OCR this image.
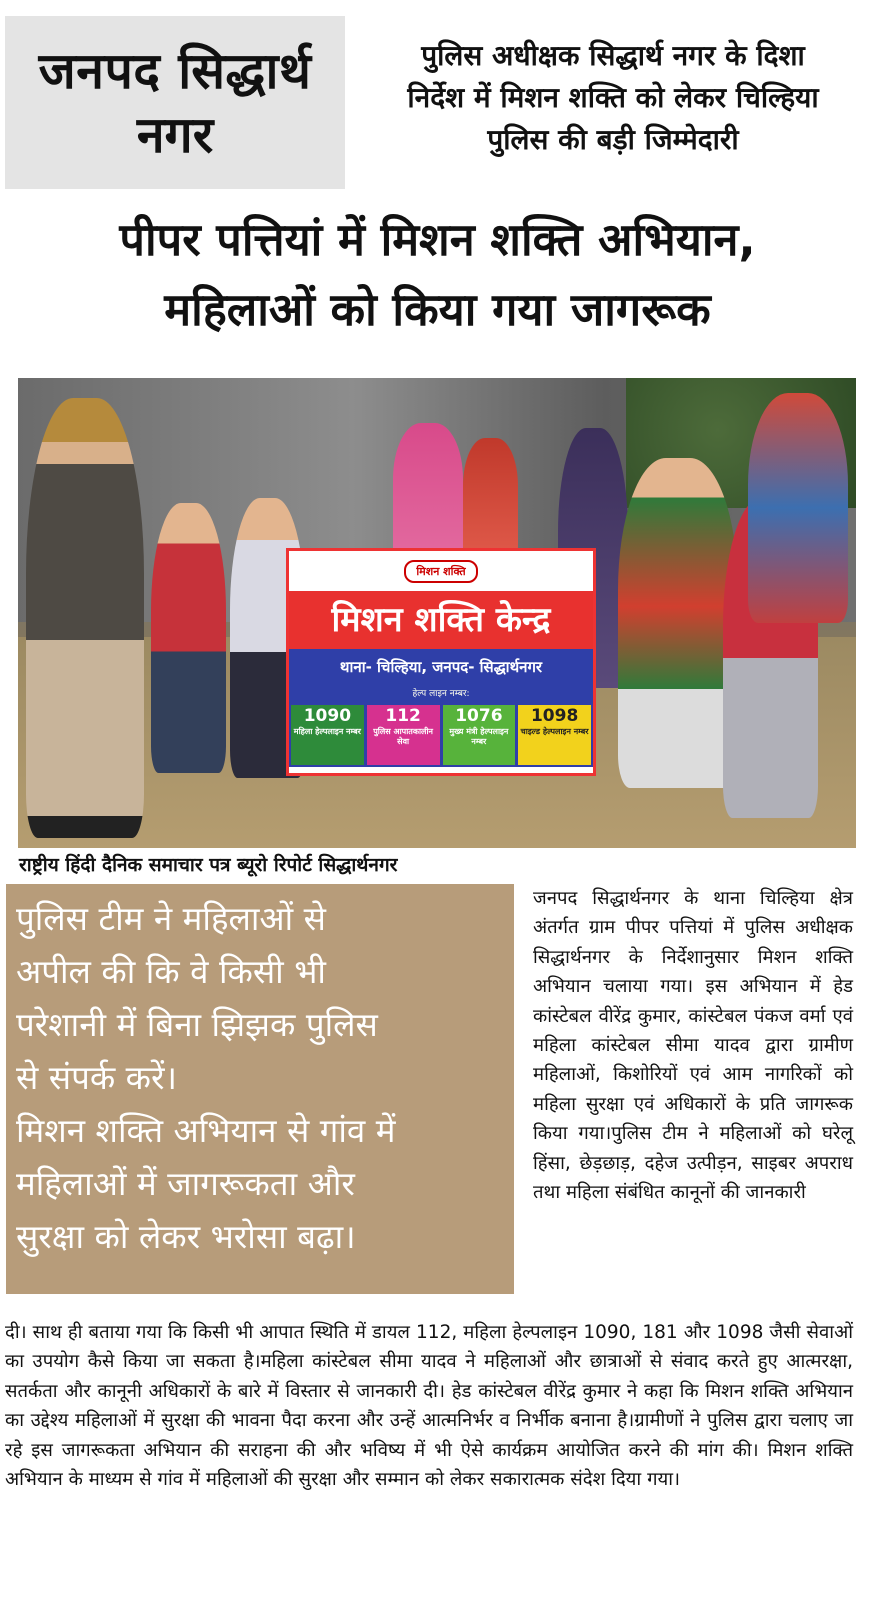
जनपद सिद्धार्थ
नगर
पुलिस अधीक्षक सिद्धार्थ नगर के दिशा
निर्देश में मिशन शक्ति को लेकर चिल्हिया
पुलिस की बड़ी जिम्मेदारी
पीपर पत्तियां में मिशन शक्ति अभियान,
महिलाओं को किया गया जागरूक
मिशन शक्ति
मिशन शक्ति केन्द्र
थाना- चिल्हिया, जनपद- सिद्धार्थनगर
हेल्प लाइन नम्बर:
1090
महिला हेल्पलाइन नम्बर
112
पुलिस आपातकालीन सेवा
1076
मुख्य मंत्री हेल्पलाइन नम्बर
1098
चाइल्ड हेल्पलाइन नम्बर
राष्ट्रीय हिंदी दैनिक समाचार पत्र ब्यूरो रिपोर्ट सिद्धार्थनगर
पुलिस टीम ने महिलाओं से
अपील की कि वे किसी भी
परेशानी में बिना झिझक पुलिस
से संपर्क करें।
मिशन शक्ति अभियान से गांव में
महिलाओं में जागरूकता और
सुरक्षा को लेकर भरोसा बढ़ा।
जनपद सिद्धार्थनगर के थाना चिल्हिया क्षेत्र अंतर्गत ग्राम पीपर पत्तियां में पुलिस अधीक्षक सिद्धार्थनगर के निर्देशानुसार मिशन शक्ति अभियान चलाया गया। इस अभियान में हेड कांस्टेबल वीरेंद्र कुमार, कांस्टेबल पंकज वर्मा एवं महिला कांस्टेबल सीमा यादव द्वारा ग्रामीण महिलाओं, किशोरियों एवं आम नागरिकों को महिला सुरक्षा एवं अधिकारों के प्रति जागरूक किया गया।पुलिस टीम ने महिलाओं को घरेलू हिंसा, छेड़छाड़, दहेज उत्पीड़न, साइबर अपराध तथा महिला संबंधित कानूनों की जानकारी
दी। साथ ही बताया गया कि किसी भी आपात स्थिति में डायल 112, महिला हेल्पलाइन 1090, 181 और 1098 जैसी सेवाओं का उपयोग कैसे किया जा सकता है।महिला कांस्टेबल सीमा यादव ने महिलाओं और छात्राओं से संवाद करते हुए आत्मरक्षा, सतर्कता और कानूनी अधिकारों के बारे में विस्तार से जानकारी दी। हेड कांस्टेबल वीरेंद्र कुमार ने कहा कि मिशन शक्ति अभियान का उद्देश्य महिलाओं में सुरक्षा की भावना पैदा करना और उन्हें आत्मनिर्भर व निर्भीक बनाना है।ग्रामीणों ने पुलिस द्वारा चलाए जा रहे इस जागरूकता अभियान की सराहना की और भविष्य में भी ऐसे कार्यक्रम आयोजित करने की मांग की। मिशन शक्ति अभियान के माध्यम से गांव में महिलाओं की सुरक्षा और सम्मान को लेकर सकारात्मक संदेश दिया गया।
